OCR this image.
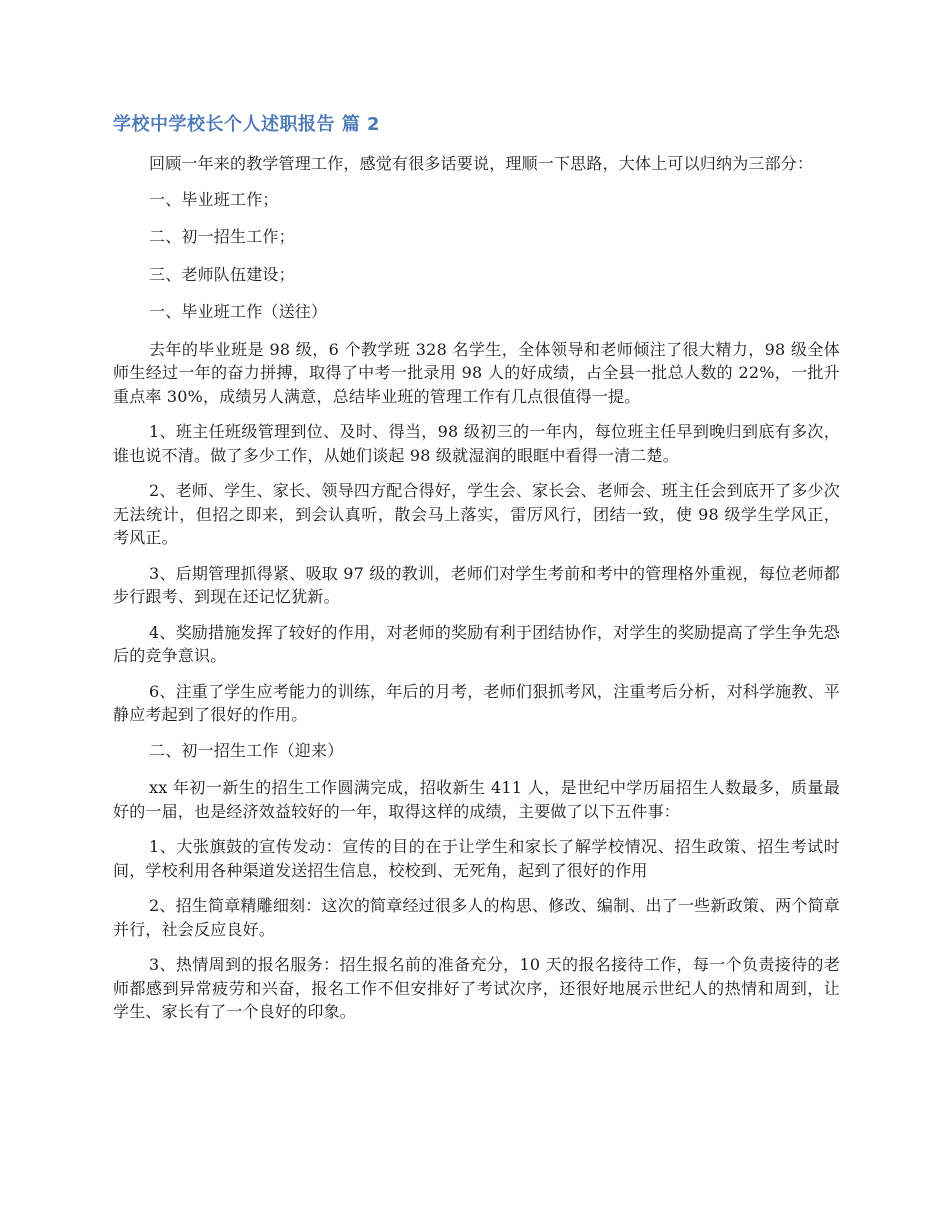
学校中学校长个人述职报告 篇 2

回顾一年来的教学管理工作，感觉有很多话要说，理顺一下思路，大体上可以归纳为三部分：

一、毕业班工作；

二、初一招生工作；

三、老师队伍建设；

一、毕业班工作（送往）

去年的毕业班是 98 级，6 个教学班 328 名学生，全体领导和老师倾注了很大精力，98 级全体师生经过一年的奋力拼搏，取得了中考一批录用 98 人的好成绩，占全县一批总人数的 22%，一批升重点率 30%，成绩另人满意，总结毕业班的管理工作有几点很值得一提。

1、班主任班级管理到位、及时、得当，98 级初三的一年内，每位班主任早到晚归到底有多次，谁也说不清。做了多少工作，从她们谈起 98 级就湿润的眼眶中看得一清二楚。

2、老师、学生、家长、领导四方配合得好，学生会、家长会、老师会、班主任会到底开了多少次无法统计，但招之即来，到会认真听，散会马上落实，雷厉风行，团结一致，使 98 级学生学风正，考风正。

3、后期管理抓得紧、吸取 97 级的教训，老师们对学生考前和考中的管理格外重视，每位老师都步行跟考、到现在还记忆犹新。

4、奖励措施发挥了较好的作用，对老师的奖励有利于团结协作，对学生的奖励提高了学生争先恐后的竞争意识。

6、注重了学生应考能力的训练，年后的月考，老师们狠抓考风，注重考后分析，对科学施教、平静应考起到了很好的作用。

二、初一招生工作（迎来）

xx 年初一新生的招生工作圆满完成，招收新生 411 人，是世纪中学历届招生人数最多，质量最好的一届，也是经济效益较好的一年，取得这样的成绩，主要做了以下五件事：

1、大张旗鼓的宣传发动：宣传的目的在于让学生和家长了解学校情况、招生政策、招生考试时间，学校利用各种渠道发送招生信息，校校到、无死角，起到了很好的作用

2、招生简章精雕细刻：这次的简章经过很多人的构思、修改、编制、出了一些新政策、两个简章并行，社会反应良好。

3、热情周到的报名服务：招生报名前的准备充分，10 天的报名接待工作，每一个负责接待的老师都感到异常疲劳和兴奋，报名工作不但安排好了考试次序，还很好地展示世纪人的热情和周到，让学生、家长有了一个良好的印象。
